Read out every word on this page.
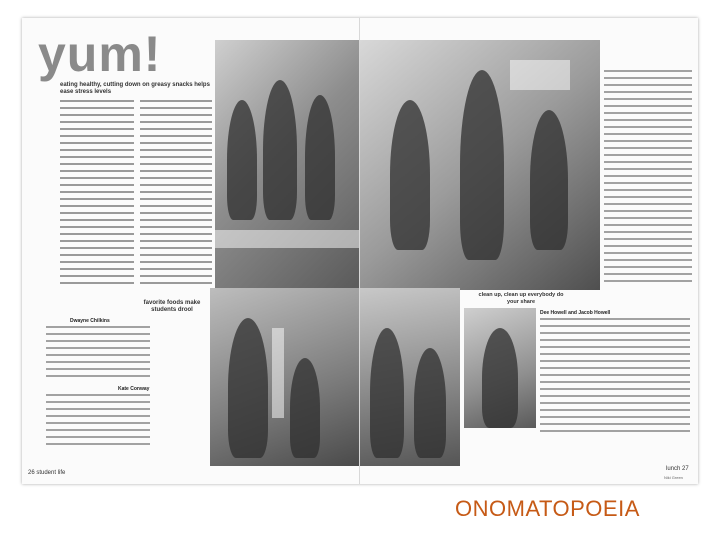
yum!
eating healthy, cutting down on greasy snacks helps ease stress levels
favorite foods make students drool
Dwayne Chilkins
Kate Conway
26 student life
clean up, clean up everybody do your share
Dee Howell and Jacob Howell
lunch 27
Niki Green
ONOMATOPOEIA
